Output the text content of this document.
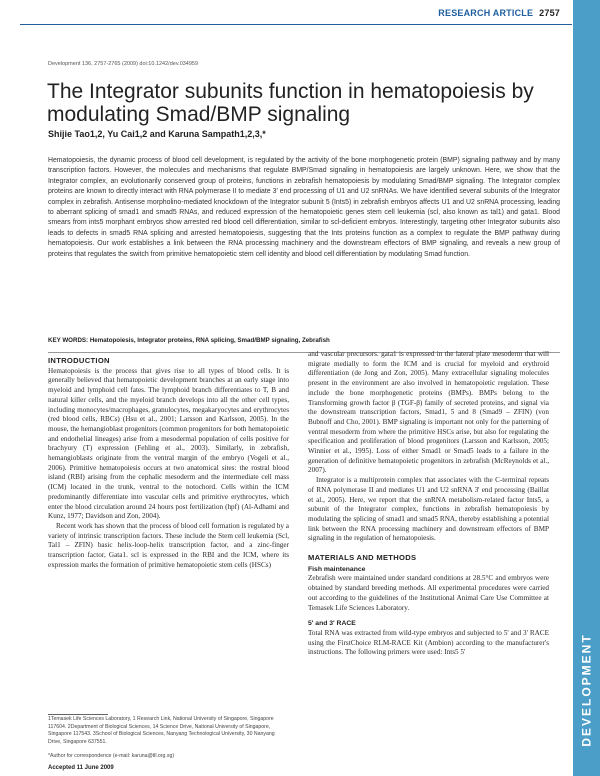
RESEARCH ARTICLE 2757
DEVELOPMENT
Development 136, 2757-2765 (2009) doi:10.1242/dev.034959
The Integrator subunits function in hematopoiesis by modulating Smad/BMP signaling
Shijie Tao1,2, Yu Cai1,2 and Karuna Sampath1,2,3,*

Hematopoiesis, the dynamic process of blood cell development, is regulated by the activity of the bone morphogenetic protein (BMP) signaling pathway and by many transcription factors. However, the molecules and mechanisms that regulate BMP/Smad signaling in hematopoiesis are largely unknown. Here, we show that the Integrator complex, an evolutionarily conserved group of proteins, functions in zebrafish hematopoiesis by modulating Smad/BMP signaling. The Integrator complex proteins are known to directly interact with RNA polymerase II to mediate 3' end processing of U1 and U2 snRNAs. We have identified several subunits of the Integrator complex in zebrafish. Antisense morpholino-mediated knockdown of the Integrator subunit 5 (Ints5) in zebrafish embryos affects U1 and U2 snRNA processing, leading to aberrant splicing of smad1 and smad5 RNAs, and reduced expression of the hematopoietic genes stem cell leukemia (scl, also known as tal1) and gata1. Blood smears from ints5 morphant embryos show arrested red blood cell differentiation, similar to scl-deficient embryos. Interestingly, targeting other Integrator subunits also leads to defects in smad5 RNA splicing and arrested hematopoiesis, suggesting that the Ints proteins function as a complex to regulate the BMP pathway during hematopoiesis. Our work establishes a link between the RNA processing machinery and the downstream effectors of BMP signaling, and reveals a new group of proteins that regulates the switch from primitive hematopoietic stem cell identity and blood cell differentiation by modulating Smad function.

KEY WORDS: Hematopoiesis, Integrator proteins, RNA splicing, Smad/BMP signaling, Zebrafish
INTRODUCTION

Hematopoiesis is the process that gives rise to all types of blood cells. It is generally believed that hematopoietic development branches at an early stage into myeloid and lymphoid cell fates. The lymphoid branch differentiates to T, B and natural killer cells, and the myeloid branch develops into all the other cell types, including monocytes/macrophages, granulocytes, megakaryocytes and erythrocytes (red blood cells, RBCs) (Hsu et al., 2001; Larsson and Karlsson, 2005). In the mouse, the hemangioblast progenitors (common progenitors for both hematopoietic and endothelial lineages) arise from a mesodermal population of cells positive for brachyury (T) expression (Fehling et al., 2003). Similarly, in zebrafish, hemangioblasts originate from the ventral margin of the embryo (Vogeli et al., 2006). Primitive hematopoiesis occurs at two anatomical sites: the rostral blood island (RBI) arising from the cephalic mesoderm and the intermediate cell mass (ICM) located in the trunk, ventral to the notochord. Cells within the ICM predominantly differentiate into vascular cells and primitive erythrocytes, which enter the blood circulation around 24 hours post fertilization (hpf) (Al-Adhami and Kunz, 1977; Davidson and Zon, 2004).

Recent work has shown that the process of blood cell formation is regulated by a variety of intrinsic transcription factors. These include the Stem cell leukemia (Scl, Tal1 – ZFIN) basic helix-loop-helix transcription factor, and a zinc-finger transcription factor, Gata1. scl is expressed in the RBI and the ICM, where its expression marks the formation of primitive hematopoietic stem cells (HSCs)

and vascular precursors. gata1 is expressed in the lateral plate mesoderm that will migrate medially to form the ICM and is crucial for myeloid and erythroid differentiation (de Jong and Zon, 2005). Many extracellular signaling molecules present in the environment are also involved in hematopoietic regulation. These include the bone morphogenetic proteins (BMPs). BMPs belong to the Transforming growth factor β (TGF-β) family of secreted proteins, and signal via the downstream transcription factors, Smad1, 5 and 8 (Smad9 – ZFIN) (von Bubnoff and Cho, 2001). BMP signaling is important not only for the patterning of ventral mesoderm from where the primitive HSCs arise, but also for regulating the specification and proliferation of blood progenitors (Larsson and Karlsson, 2005; Winnier et al., 1995). Loss of either Smad1 or Smad5 leads to a failure in the generation of definitive hematopoietic progenitors in zebrafish (McReynolds et al., 2007).

Integrator is a multiprotein complex that associates with the C-terminal repeats of RNA polymerase II and mediates U1 and U2 snRNA 3' end processing (Baillat et al., 2005). Here, we report that the snRNA metabolism-related factor Ints5, a subunit of the Integrator complex, functions in zebrafish hematopoiesis by modulating the splicing of smad1 and smad5 RNA, thereby establishing a potential link between the RNA processing machinery and downstream effectors of BMP signaling in the regulation of hematopoiesis.

MATERIALS AND METHODS
Fish maintenance

Zebrafish were maintained under standard conditions at 28.5°C and embryos were obtained by standard breeding methods. All experimental procedures were carried out according to the guidelines of the Institutional Animal Care Use Committee at Temasek Life Sciences Laboratory.

5' and 3' RACE

Total RNA was extracted from wild-type embryos and subjected to 5' and 3' RACE using the FirstChoice RLM-RACE Kit (Ambion) according to the manufacturer's instructions. The following primers were used: Ints5 5'

1Temasek Life Sciences Laboratory, 1 Research Link, National University of Singapore, Singapore 117604. 2Department of Biological Sciences, 14 Science Drive, National University of Singapore, Singapore 117543. 3School of Biological Sciences, Nanyang Technological University, 30 Nanyang Drive, Singapore 637551.
*Author for correspondence (e-mail: karuna@tll.org.sg)
Accepted 11 June 2009
